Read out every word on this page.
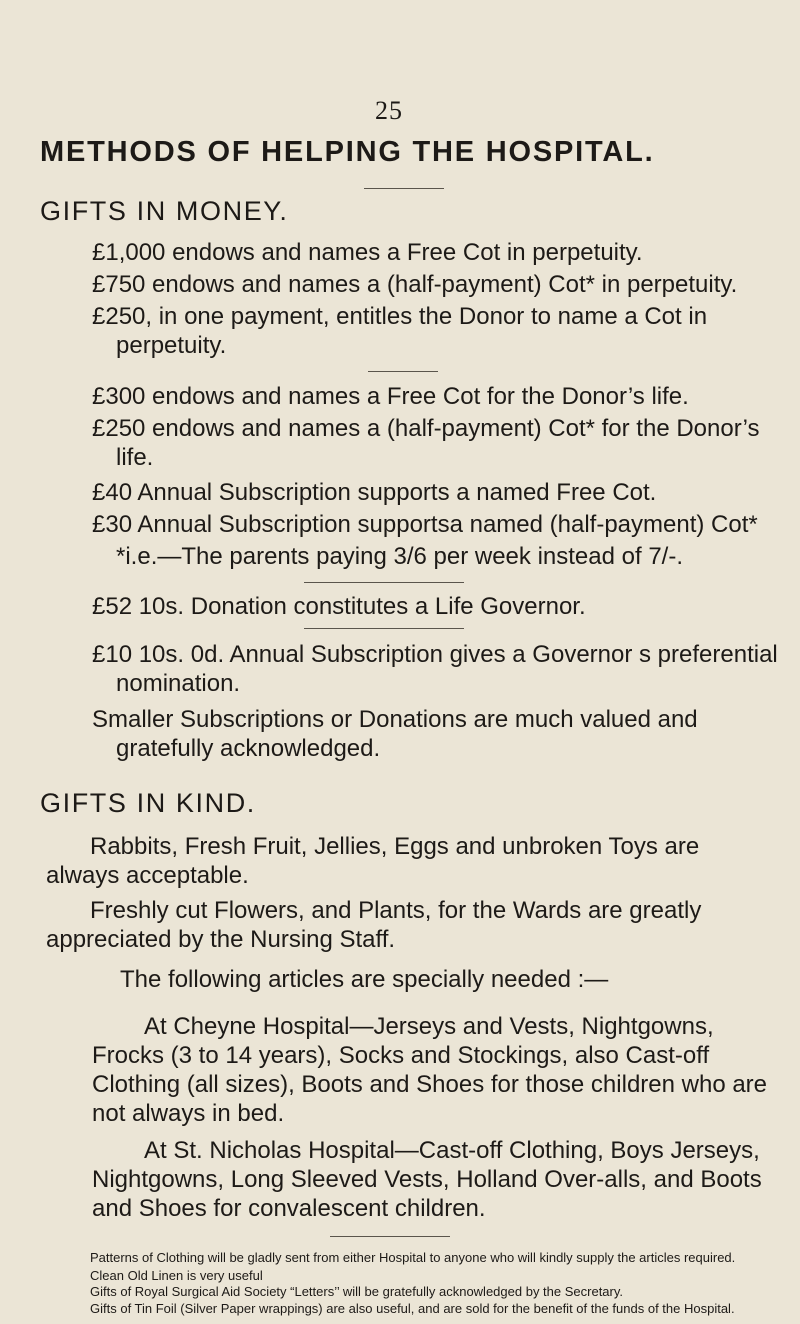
25
METHODS OF HELPING THE HOSPITAL.
GIFTS IN MONEY.
£1,000 endows and names a Free Cot in perpetuity.
£750 endows and names a (half-payment) Cot* in perpetuity.
£250, in one payment, entitles the Donor to name a Cot in perpetuity.
£300 endows and names a Free Cot for the Donor’s life.
£250 endows and names a (half-payment) Cot* for the Donor’s life.
£40 Annual Subscription supports a named Free Cot.
£30 Annual Subscription supportsa named (half-payment) Cot*
*i.e.—The parents paying 3/6 per week instead of 7/-.
£52 10s. Donation constitutes a Life Governor.
£10 10s. 0d. Annual Subscription gives a Governor s preferential nomination.
Smaller Subscriptions or Donations are much valued and gratefully acknowledged.
GIFTS IN KIND.
Rabbits, Fresh Fruit, Jellies, Eggs and unbroken Toys are always acceptable.
Freshly cut Flowers, and Plants, for the Wards are greatly appreciated by the Nursing Staff.
The following articles are specially needed :—
At Cheyne Hospital—Jerseys and Vests, Nightgowns, Frocks (3 to 14 years), Socks and Stockings, also Cast-off Clothing (all sizes), Boots and Shoes for those children who are not always in bed.
At St. Nicholas Hospital—Cast-off Clothing, Boys Jerseys, Nightgowns, Long Sleeved Vests, Holland Over-alls, and Boots and Shoes for convalescent children.
Patterns of Clothing will be gladly sent from either Hospital to anyone who will kindly supply the articles required.
Clean Old Linen is very useful
Gifts of Royal Surgical Aid Society “Letters’’ will be gratefully acknowledged by the Secretary.
Gifts of Tin Foil (Silver Paper wrappings) are also useful, and are sold for the benefit of the funds of the Hospital.
